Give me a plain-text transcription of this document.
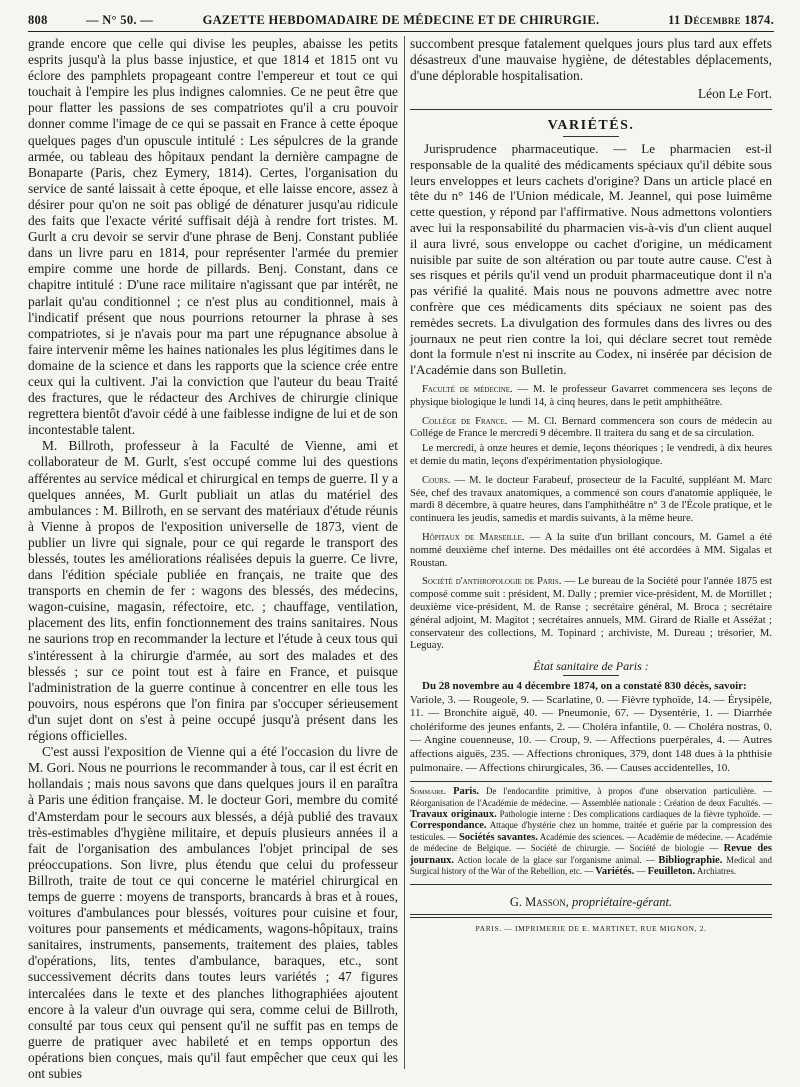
808	— N° 50. —	GAZETTE HEBDOMADAIRE DE MÉDECINE ET DE CHIRURGIE.	11 Décembre 1874.

grande encore que celle qui divise les peuples, abaisse les petits esprits jusqu'à la plus basse injustice, et que 1814 et 1815 ont vu éclore des pamphlets propageant contre l'empereur et tout ce qui touchait à l'empire les plus indignes calomnies. Ce ne peut être que pour flatter les passions de ses compatriotes qu'il a cru pouvoir donner comme l'image de ce qui se passait en France à cette époque quelques pages d'un opuscule intitulé : Les sépulcres de la grande armée, ou tableau des hôpitaux pendant la dernière campagne de Bonaparte (Paris, chez Eymery, 1814). Certes, l'organisation du service de santé laissait à cette époque, et elle laisse encore, assez à désirer pour qu'on ne soit pas obligé de dénaturer jusqu'au ridicule des faits que l'exacte vérité suffisait déjà à rendre fort tristes. M. Gurlt a cru devoir se servir d'une phrase de Benj. Constant publiée dans un livre paru en 1814, pour représenter l'armée du premier empire comme une horde de pillards. Benj. Constant, dans ce chapitre intitulé : D'une race militaire n'agissant que par intérêt, ne parlait qu'au conditionnel ; ce n'est plus au conditionnel, mais à l'indicatif présent que nous pourrions retourner la phrase à ses compatriotes, si je n'avais pour ma part une répugnance absolue à faire intervenir même les haines nationales les plus légitimes dans le domaine de la science et dans les rapports que la science crée entre ceux qui la cultivent. J'ai la conviction que l'auteur du beau Traité des fractures, que le rédacteur des Archives de chirurgie clinique regrettera bientôt d'avoir cédé à une faiblesse indigne de lui et de son incontestable talent.

M. Billroth, professeur à la Faculté de Vienne, ami et collaborateur de M. Gurlt, s'est occupé comme lui des questions afférentes au service médical et chirurgical en temps de guerre. Il y a quelques années, M. Gurlt publiait un atlas du matériel des ambulances : M. Billroth, en se servant des matériaux d'étude réunis à Vienne à propos de l'exposition universelle de 1873, vient de publier un livre qui signale, pour ce qui regarde le transport des blessés, toutes les améliorations réalisées depuis la guerre. Ce livre, dans l'édition spéciale publiée en français, ne traite que des transports en chemin de fer : wagons des blessés, des médecins, wagon-cuisine, magasin, réfectoire, etc. ; chauffage, ventilation, placement des lits, enfin fonctionnement des trains sanitaires. Nous ne saurions trop en recommander la lecture et l'étude à ceux tous qui s'intéressent à la chirurgie d'armée, au sort des malades et des blessés ; sur ce point tout est à faire en France, et puisque l'administration de la guerre continue à concentrer en elle tous les pouvoirs, nous espérons que l'on finira par s'occuper sérieusement d'un sujet dont on s'est à peine occupé jusqu'à présent dans les régions officielles.

C'est aussi l'exposition de Vienne qui a été l'occasion du livre de M. Gori. Nous ne pourrions le recommander à tous, car il est écrit en hollandais ; mais nous savons que dans quelques jours il en paraîtra à Paris une édition française. M. le docteur Gori, membre du comité d'Amsterdam pour le secours aux blessés, a déjà publié des travaux très-estimables d'hygiène militaire, et depuis plusieurs années il a fait de l'organisation des ambulances l'objet principal de ses préoccupations. Son livre, plus étendu que celui du professeur Billroth, traite de tout ce qui concerne le matériel chirurgical en temps de guerre : moyens de transports, brancards à bras et à roues, voitures d'ambulances pour blessés, voitures pour cuisine et four, voitures pour pansements et médicaments, wagons-hôpitaux, trains sanitaires, instruments, pansements, traitement des plaies, tables d'opérations, lits, tentes d'ambulance, baraques, etc., sont successivement décrits dans toutes leurs variétés ; 47 figures intercalées dans le texte et des planches lithographiées ajoutent encore à la valeur d'un ouvrage qui sera, comme celui de Billroth, consulté par tous ceux qui pensent qu'il ne suffit pas en temps de guerre de pratiquer avec habileté et en temps opportun des opérations bien conçues, mais qu'il faut empêcher que ceux qui les ont subies

succombent presque fatalement quelques jours plus tard aux effets désastreux d'une mauvaise hygiène, de détestables déplacements, d'une déplorable hospitalisation.

Léon Le Fort.
VARIÉTÉS.

Jurisprudence pharmaceutique. — Le pharmacien est-il responsable de la qualité des médicaments spéciaux qu'il débite sous leurs enveloppes et leurs cachets d'origine? Dans un article placé en tête du n° 146 de l'Union médicale, M. Jeannel, qui pose luimême cette question, y répond par l'affirmative. Nous admettons volontiers avec lui la responsabilité du pharmacien vis-à-vis d'un client auquel il aura livré, sous enveloppe ou cachet d'origine, un médicament nuisible par suite de son altération ou par toute autre cause. C'est à ses risques et périls qu'il vend un produit pharmaceutique dont il n'a pas vérifié la qualité. Mais nous ne pouvons admettre avec notre confrère que ces médicaments dits spéciaux ne soient pas des remèdes secrets. La divulgation des formules dans des livres ou des journaux ne peut rien contre la loi, qui déclare secret tout remède dont la formule n'est ni inscrite au Codex, ni insérée par décision de l'Académie dans son Bulletin.

Faculté de médecine. — M. le professeur Gavarret commencera ses leçons de physique biologique le lundi 14, à cinq heures, dans le petit amphithéâtre.

Collége de France. — M. Cl. Bernard commencera son cours de médecin au Collége de France le mercredi 9 décembre. Il traitera du sang et de sa circulation.

Le mercredi, à onze heures et demie, leçons théoriques ; le vendredi, à dix heures et demie du matin, leçons d'expérimentation physiologique.

Cours. — M. le docteur Farabeuf, prosecteur de la Faculté, suppléant M. Marc Sée, chef des travaux anatomiques, a commencé son cours d'anatomie appliquée, le mardi 8 décembre, à quatre heures, dans l'amphithéâtre n° 3 de l'École pratique, et le continuera les jeudis, samedis et mardis suivants, à la même heure.

Hôpitaux de Marseille. — A la suite d'un brillant concours, M. Gamel a été nommé deuxième chef interne. Des médailles ont été accordées à MM. Sigalas et Roustan.

Société d'anthropologie de Paris. — Le bureau de la Société pour l'année 1875 est composé comme suit : président, M. Dally ; premier vice-président, M. de Mortillet ; deuxième vice-président, M. de Ranse ; secrétaire général, M. Broca ; secrétaire général adjoint, M. Magitot ; secrétaires annuels, MM. Girard de Rialle et Asséžat ; conservateur des collections, M. Topinard ; archiviste, M. Dureau ; trésorier, M. Leguay.

État sanitaire de Paris :

Du 28 novembre au 4 décembre 1874, on a constaté 830 décès, savoir:
Variole, 3. — Rougeole, 9. — Scarlatine, 0. — Fièvre typhoïde, 14. — Érysipèle, 11. — Bronchite aiguë, 40. — Pneumonie, 67. — Dysentérie, 1. — Diarrhée cholériforme des jeunes enfants, 2. — Choléra infantile, 0. — Choléra nostras, 0. — Angine couenneuse, 10. — Croup, 9. — Affections puerpérales, 4. — Autres affections aiguës, 235. — Affections chroniques, 379, dont 148 dues à la phthisie pulmonaire. — Affections chirurgicales, 36. — Causes accidentelles, 10.

Sommaire. Paris. De l'endocardite primitive, à propos d'une observation particulière. — Réorganisation de l'Académie de médecine. — Assemblée nationale : Création de deux Facultés. — Travaux originaux. Pathologie interne : Des complications cardiaques de la fièvre typhoïde. — Correspondance. Attaque d'hystérie chez un homme, traitée et guérie par la compression des testicules. — Sociétés savantes. Académie des sciences. — Académie de médecine. — Académie de médecine de Belgique. — Société de chirurgie. — Société de biologie — Revue des journaux. Action locale de la glace sur l'organisme animal. — Bibliographie. Medical and Surgical history of the War of the Rebellion, etc. — Variétés. — Feuilleton. Archiatres.

G. Masson, propriétaire-gérant.
PARIS. — IMPRIMERIE DE E. MARTINET, RUE MIGNON, 2.
